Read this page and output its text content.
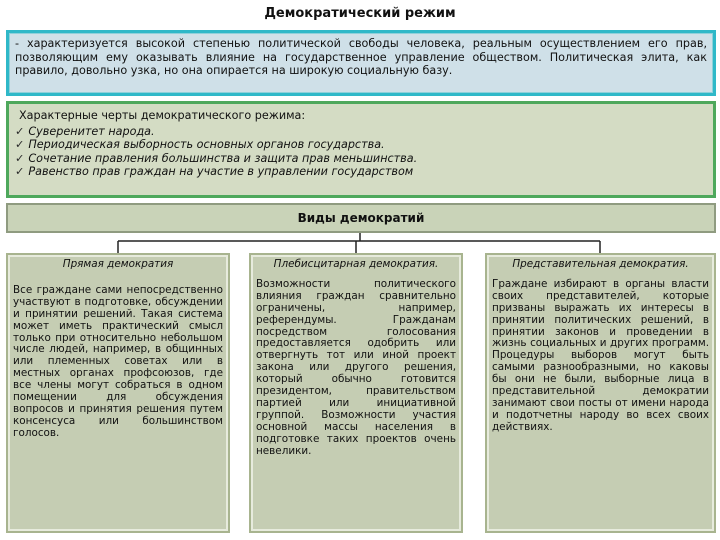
Демократический режим
- характеризуется высокой степенью политической свободы человека, реальным осуществлением его прав, позволяющим ему оказывать влияние на государственное управление обществом. Политическая элита, как правило, довольно узка, но она опирается на широкую социальную базу.
Характерные черты демократического режима:
✓ Суверенитет народа.
✓ Периодическая выборность основных органов государства.
✓ Сочетание правления большинства и защита прав меньшинства.
✓ Равенство прав граждан на участие в управлении государством
Виды демократий
Прямая демократия
Все граждане сами непосредственно участвуют в подготовке, обсуждении и принятии решений. Такая система может иметь практический смысл только при относительно небольшом числе людей, например, в общинных или племенных советах или в местных органах профсоюзов, где все члены могут собраться в одном помещении для обсуждения вопросов и принятия решения путем консенсуса или большинством голосов.
Плебисцитарная демократия.
Возможности политического влияния граждан сравнительно ограничены, например, референдумы. Гражданам посредством голосования предоставляется одобрить или отвергнуть тот или иной проект закона или другого решения, который обычно готовится президентом, правительством партией или инициативной группой. Возможности участия основной массы населения в подготовке таких проектов очень невелики.
Представительная демократия.
Граждане избирают в органы власти своих представителей, которые призваны выражать их интересы в принятии политических решений, в принятии законов и проведении в жизнь социальных и других программ. Процедуры выборов могут быть самыми разнообразными, но каковы бы они не были, выборные лица в представительной демократии занимают свои посты от имени народа и подотчетны народу во всех своих действиях.
